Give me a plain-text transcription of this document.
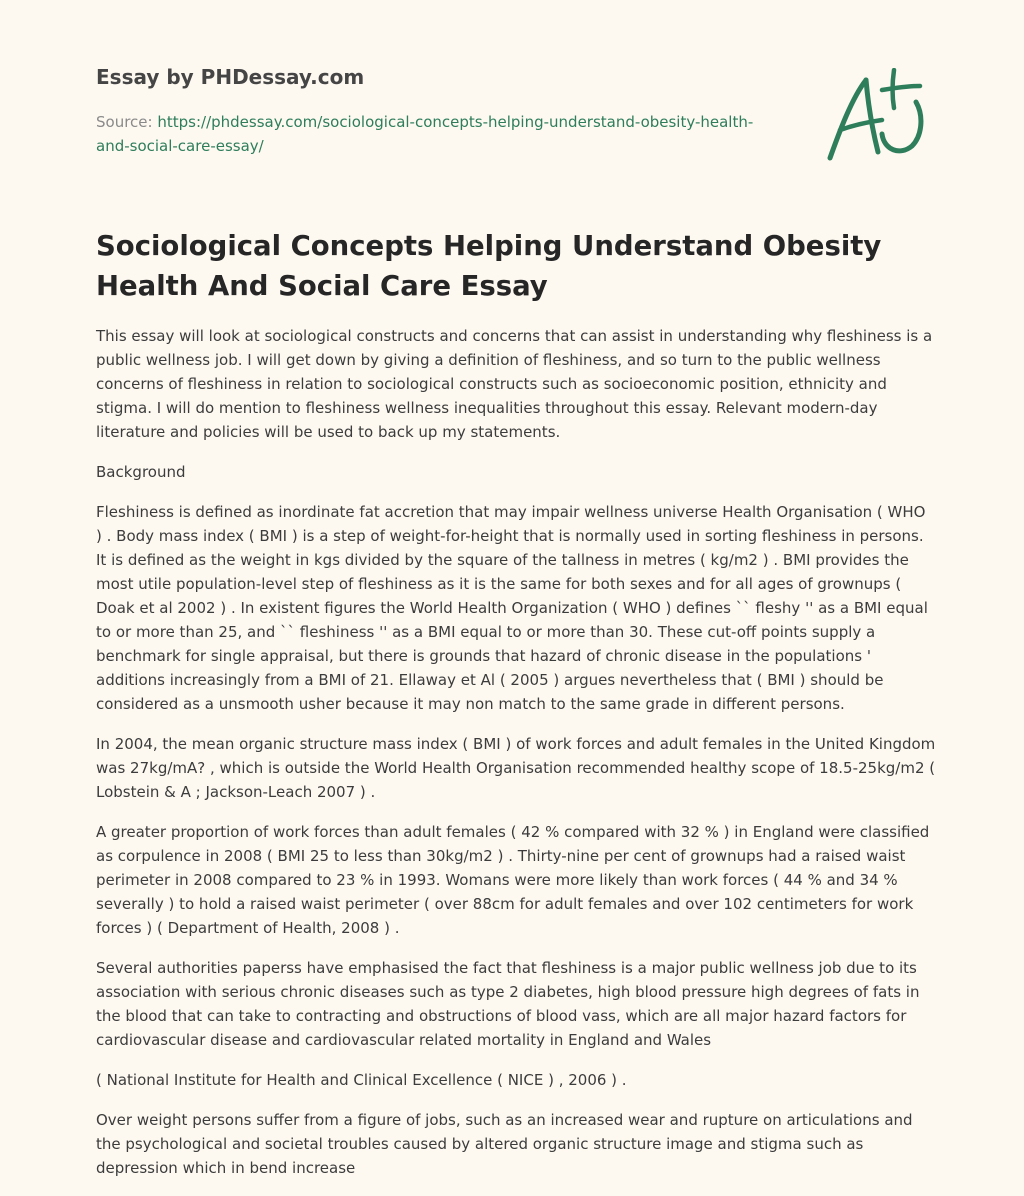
Essay by PHDessay.com
Source: https://phdessay.com/sociological-concepts-helping-understand-obesity-health-and-social-care-essay/
Sociological Concepts Helping Understand Obesity Health And Social Care Essay

This essay will look at sociological constructs and concerns that can assist in understanding why fleshiness is a public wellness job. I will get down by giving a definition of fleshiness, and so turn to the public wellness concerns of fleshiness in relation to sociological constructs such as socioeconomic position, ethnicity and stigma. I will do mention to fleshiness wellness inequalities throughout this essay. Relevant modern-day literature and policies will be used to back up my statements.

Background

Fleshiness is defined as inordinate fat accretion that may impair wellness universe Health Organisation ( WHO ) . Body mass index ( BMI ) is a step of weight-for-height that is normally used in sorting fleshiness in persons. It is defined as the weight in kgs divided by the square of the tallness in metres ( kg/m2 ) . BMI provides the most utile population-level step of fleshiness as it is the same for both sexes and for all ages of grownups ( Doak et al 2002 ) . In existent figures the World Health Organization ( WHO ) defines `` fleshy '' as a BMI equal to or more than 25, and `` fleshiness '' as a BMI equal to or more than 30. These cut-off points supply a benchmark for single appraisal, but there is grounds that hazard of chronic disease in the populations ' additions increasingly from a BMI of 21. Ellaway et Al ( 2005 ) argues nevertheless that ( BMI ) should be considered as a unsmooth usher because it may non match to the same grade in different persons.

In 2004, the mean organic structure mass index ( BMI ) of work forces and adult females in the United Kingdom was 27kg/mA? , which is outside the World Health Organisation recommended healthy scope of 18.5-25kg/m2 ( Lobstein & A ; Jackson-Leach 2007 ) .

A greater proportion of work forces than adult females ( 42 % compared with 32 % ) in England were classified as corpulence in 2008 ( BMI 25 to less than 30kg/m2 ) . Thirty-nine per cent of grownups had a raised waist perimeter in 2008 compared to 23 % in 1993. Womans were more likely than work forces ( 44 % and 34 % severally ) to hold a raised waist perimeter ( over 88cm for adult females and over 102 centimeters for work forces ) ( Department of Health, 2008 ) .

Several authorities paperss have emphasised the fact that fleshiness is a major public wellness job due to its association with serious chronic diseases such as type 2 diabetes, high blood pressure high degrees of fats in the blood that can take to contracting and obstructions of blood vass, which are all major hazard factors for cardiovascular disease and cardiovascular related mortality in England and Wales

( National Institute for Health and Clinical Excellence ( NICE ) , 2006 ) .

Over weight persons suffer from a figure of jobs, such as an increased wear and rupture on articulations and the psychological and societal troubles caused by altered organic structure image and stigma such as depression which in bend increase
